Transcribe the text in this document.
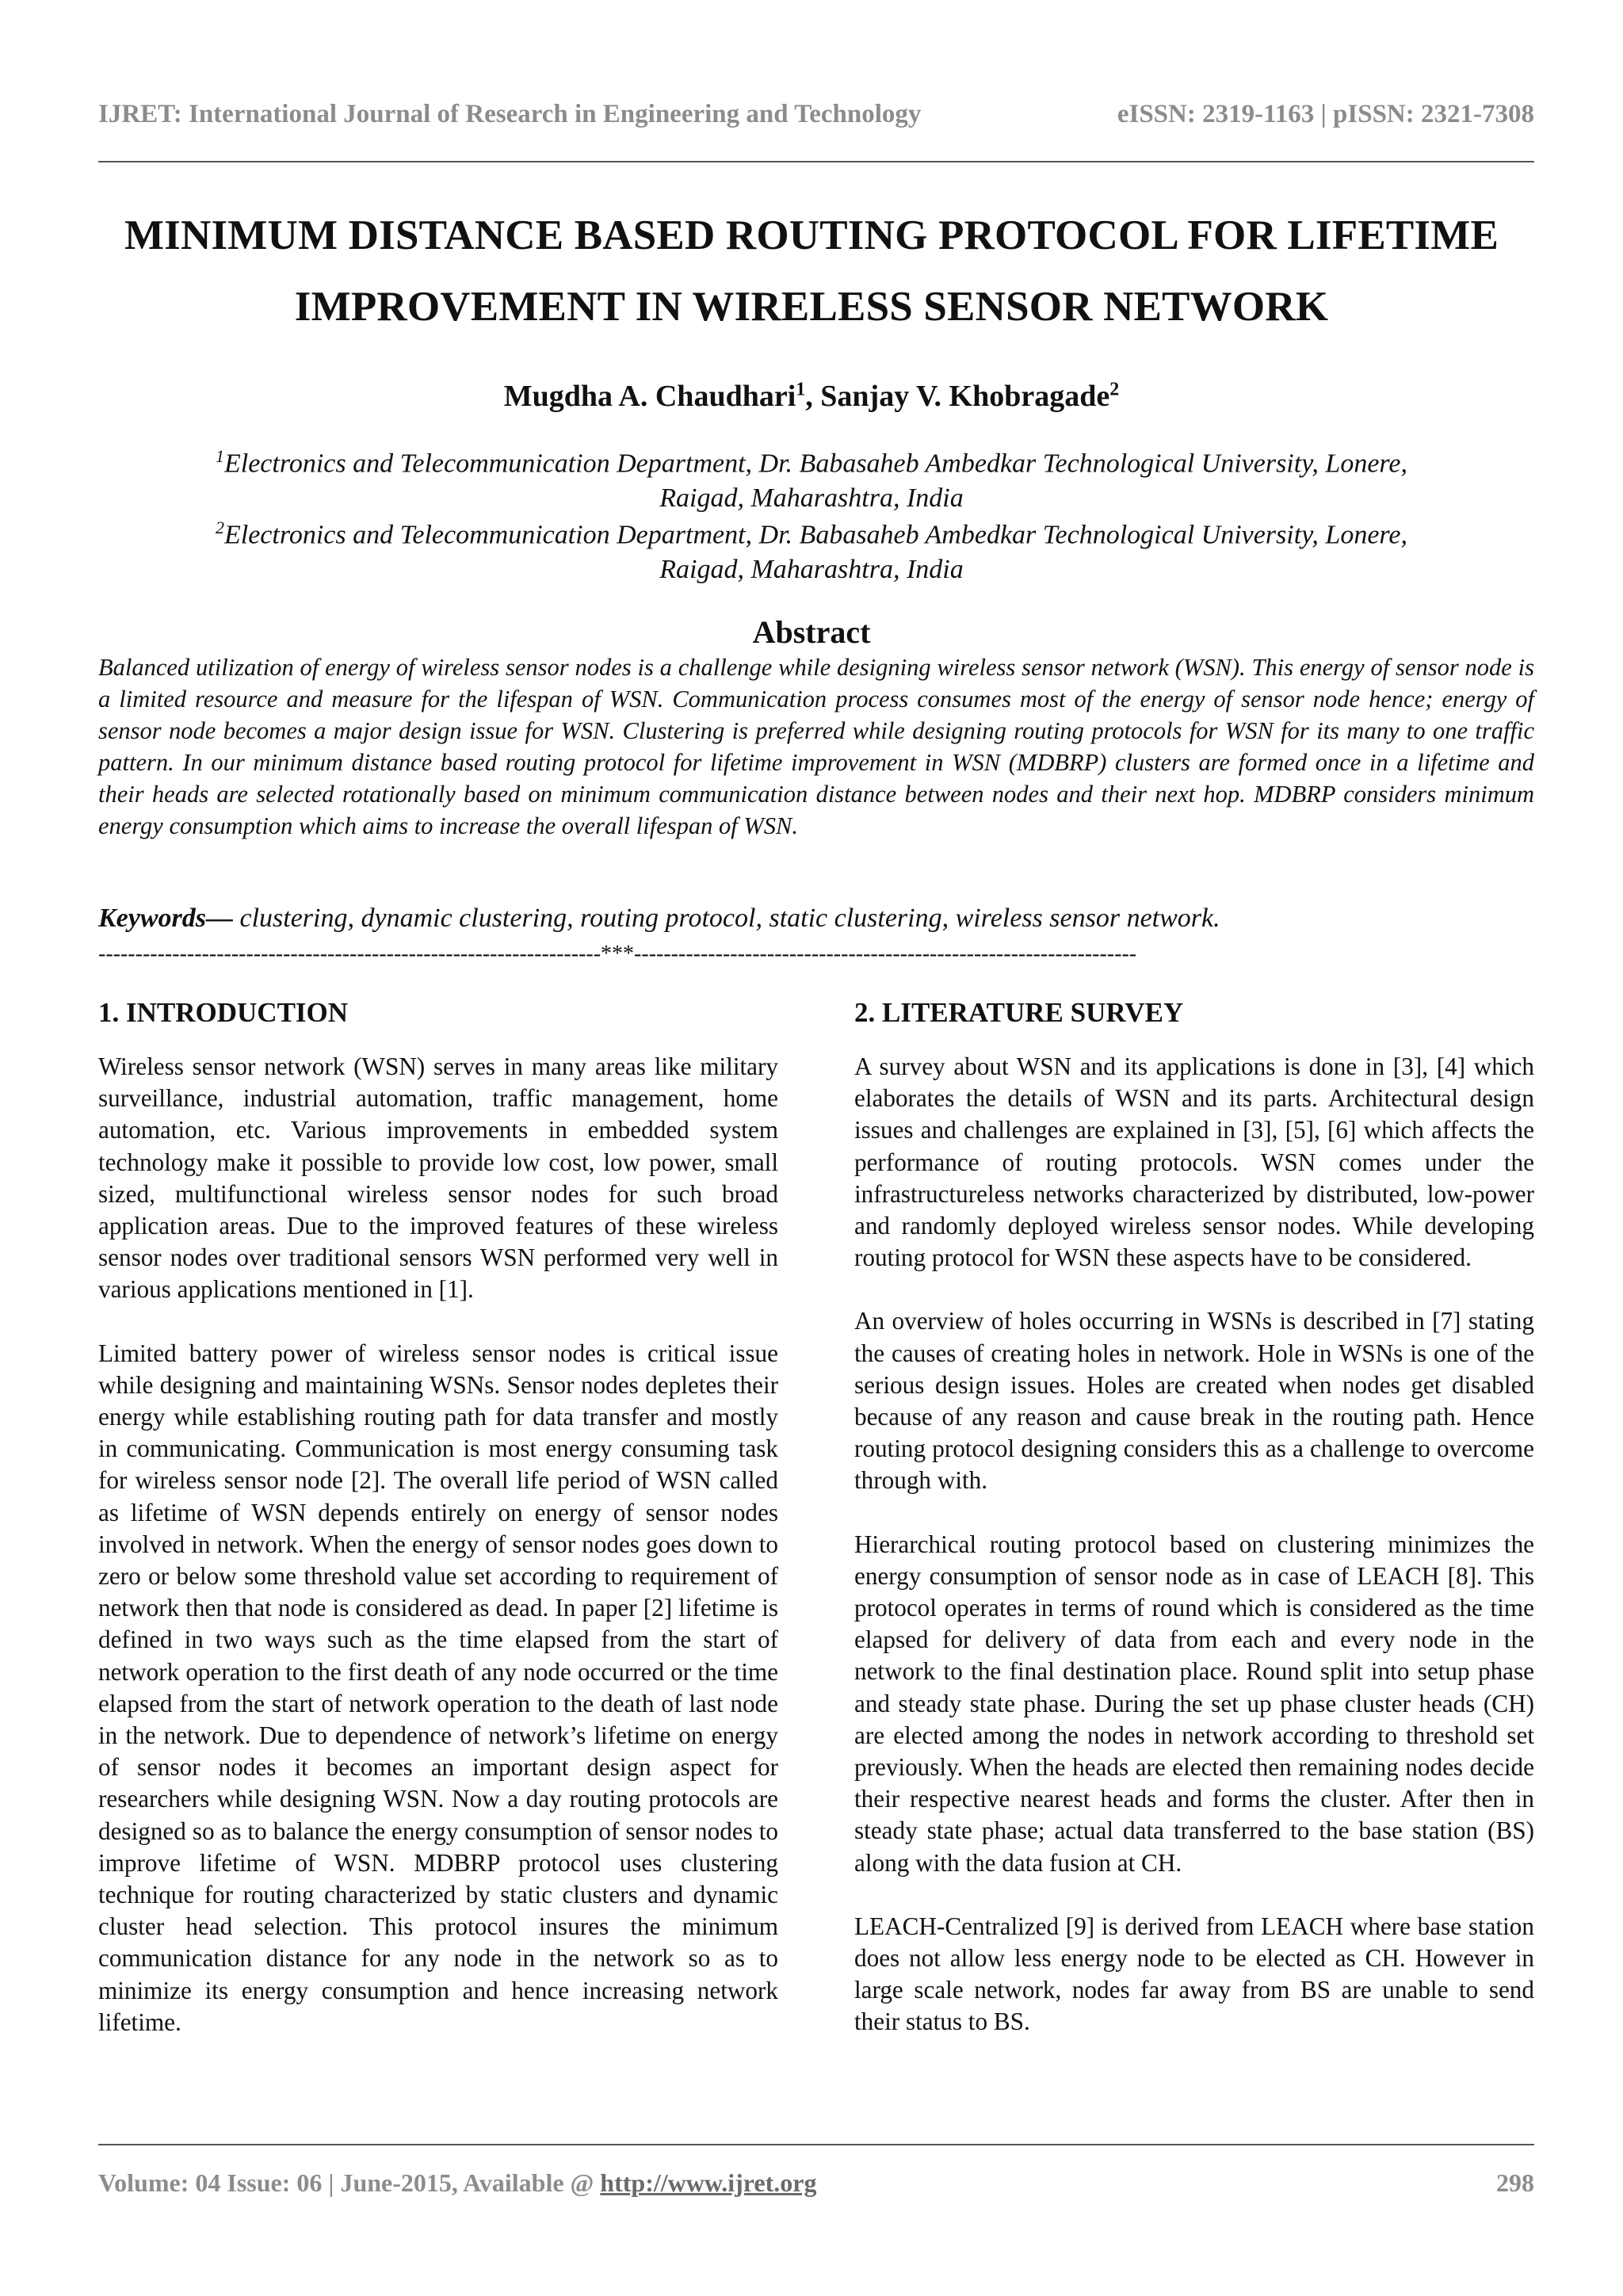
IJRET: International Journal of Research in Engineering and Technology	eISSN: 2319-1163 | pISSN: 2321-7308
MINIMUM DISTANCE BASED ROUTING PROTOCOL FOR LIFETIME
IMPROVEMENT IN WIRELESS SENSOR NETWORK
Mugdha A. Chaudhari$^1$, Sanjay V. Khobragade$^2$
$^1$Electronics and Telecommunication Department, Dr. Babasaheb Ambedkar Technological University, Lonere,
Raigad, Maharashtra, India
$^2$Electronics and Telecommunication Department, Dr. Babasaheb Ambedkar Technological University, Lonere,
Raigad, Maharashtra, India
Abstract
Balanced utilization of energy of wireless sensor nodes is a challenge while designing wireless sensor network (WSN). This energy of sensor node is a limited resource and measure for the lifespan of WSN. Communication process consumes most of the energy of sensor node hence; energy of sensor node becomes a major design issue for WSN. Clustering is preferred while designing routing protocols for WSN for its many to one traffic pattern. In our minimum distance based routing protocol for lifetime improvement in WSN (MDBRP) clusters are formed once in a lifetime and their heads are selected rotationally based on minimum communication distance between nodes and their next hop. MDBRP considers minimum energy consumption which aims to increase the overall lifespan of WSN.
Keywords— clustering, dynamic clustering, routing protocol, static clustering, wireless sensor network.
--------------------------------------------------------------------***--------------------------------------------------------------------
1. INTRODUCTION

Wireless sensor network (WSN) serves in many areas like military surveillance, industrial automation, traffic management, home automation, etc. Various improvements in embedded system technology make it possible to provide low cost, low power, small sized, multifunctional wireless sensor nodes for such broad application areas. Due to the improved features of these wireless sensor nodes over traditional sensors WSN performed very well in various applications mentioned in [1].

Limited battery power of wireless sensor nodes is critical issue while designing and maintaining WSNs. Sensor nodes depletes their energy while establishing routing path for data transfer and mostly in communicating. Communication is most energy consuming task for wireless sensor node [2]. The overall life period of WSN called as lifetime of WSN depends entirely on energy of sensor nodes involved in network. When the energy of sensor nodes goes down to zero or below some threshold value set according to requirement of network then that node is considered as dead. In paper [2] lifetime is defined in two ways such as the time elapsed from the start of network operation to the first death of any node occurred or the time elapsed from the start of network operation to the death of last node in the network. Due to dependence of network’s lifetime on energy of sensor nodes it becomes an important design aspect for researchers while designing WSN. Now a day routing protocols are designed so as to balance the energy consumption of sensor nodes to improve lifetime of WSN. MDBRP protocol uses clustering technique for routing characterized by static clusters and dynamic cluster head selection. This protocol insures the minimum communication distance for any node in the network so as to minimize its energy consumption and hence increasing network lifetime.

2. LITERATURE SURVEY

A survey about WSN and its applications is done in [3], [4] which elaborates the details of WSN and its parts. Architectural design issues and challenges are explained in [3], [5], [6] which affects the performance of routing protocols. WSN comes under the infrastructureless networks characterized by distributed, low-power and randomly deployed wireless sensor nodes. While developing routing protocol for WSN these aspects have to be considered.

An overview of holes occurring in WSNs is described in [7] stating the causes of creating holes in network. Hole in WSNs is one of the serious design issues. Holes are created when nodes get disabled because of any reason and cause break in the routing path. Hence routing protocol designing considers this as a challenge to overcome through with.

Hierarchical routing protocol based on clustering minimizes the energy consumption of sensor node as in case of LEACH [8]. This protocol operates in terms of round which is considered as the time elapsed for delivery of data from each and every node in the network to the final destination place. Round split into setup phase and steady state phase. During the set up phase cluster heads (CH) are elected among the nodes in network according to threshold set previously. When the heads are elected then remaining nodes decide their respective nearest heads and forms the cluster. After then in steady state phase; actual data transferred to the base station (BS) along with the data fusion at CH.

LEACH-Centralized [9] is derived from LEACH where base station does not allow less energy node to be elected as CH. However in large scale network, nodes far away from BS are unable to send their status to BS.

Volume: 04 Issue: 06 | June-2015, Available @ http://www.ijret.org	298
